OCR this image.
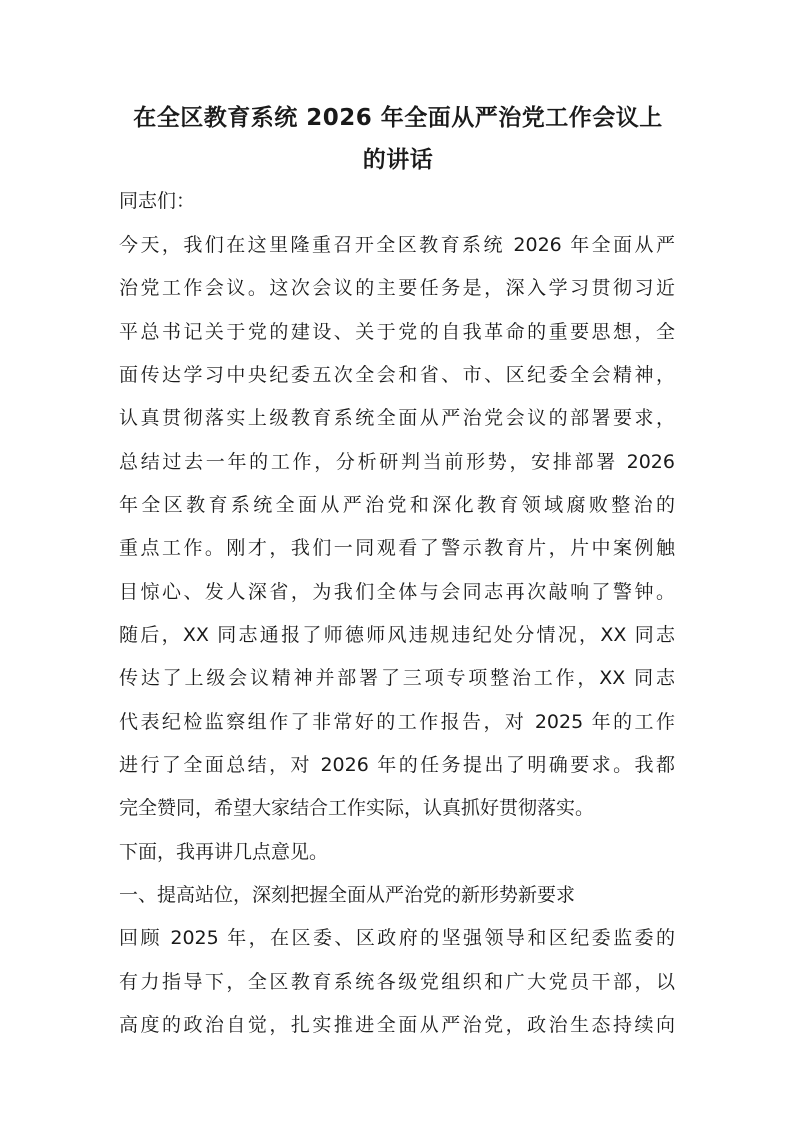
在全区教育系统 2026 年全面从严治党工作会议上
的讲话

同志们：

今天，我们在这里隆重召开全区教育系统 2026 年全面从严

治党工作会议。这次会议的主要任务是，深入学习贯彻习近

平总书记关于党的建设、关于党的自我革命的重要思想，全

面传达学习中央纪委五次全会和省、市、区纪委全会精神，

认真贯彻落实上级教育系统全面从严治党会议的部署要求，

总结过去一年的工作，分析研判当前形势，安排部署 2026

年全区教育系统全面从严治党和深化教育领域腐败整治的

重点工作。刚才，我们一同观看了警示教育片，片中案例触

目惊心、发人深省，为我们全体与会同志再次敲响了警钟。

随后，XX 同志通报了师德师风违规违纪处分情况，XX 同志

传达了上级会议精神并部署了三项专项整治工作，XX 同志

代表纪检监察组作了非常好的工作报告，对 2025 年的工作

进行了全面总结，对 2026 年的任务提出了明确要求。我都

完全赞同，希望大家结合工作实际，认真抓好贯彻落实。

下面，我再讲几点意见。

一、提高站位，深刻把握全面从严治党的新形势新要求

回顾 2025 年，在区委、区政府的坚强领导和区纪委监委的

有力指导下，全区教育系统各级党组织和广大党员干部，以

高度的政治自觉，扎实推进全面从严治党，政治生态持续向
